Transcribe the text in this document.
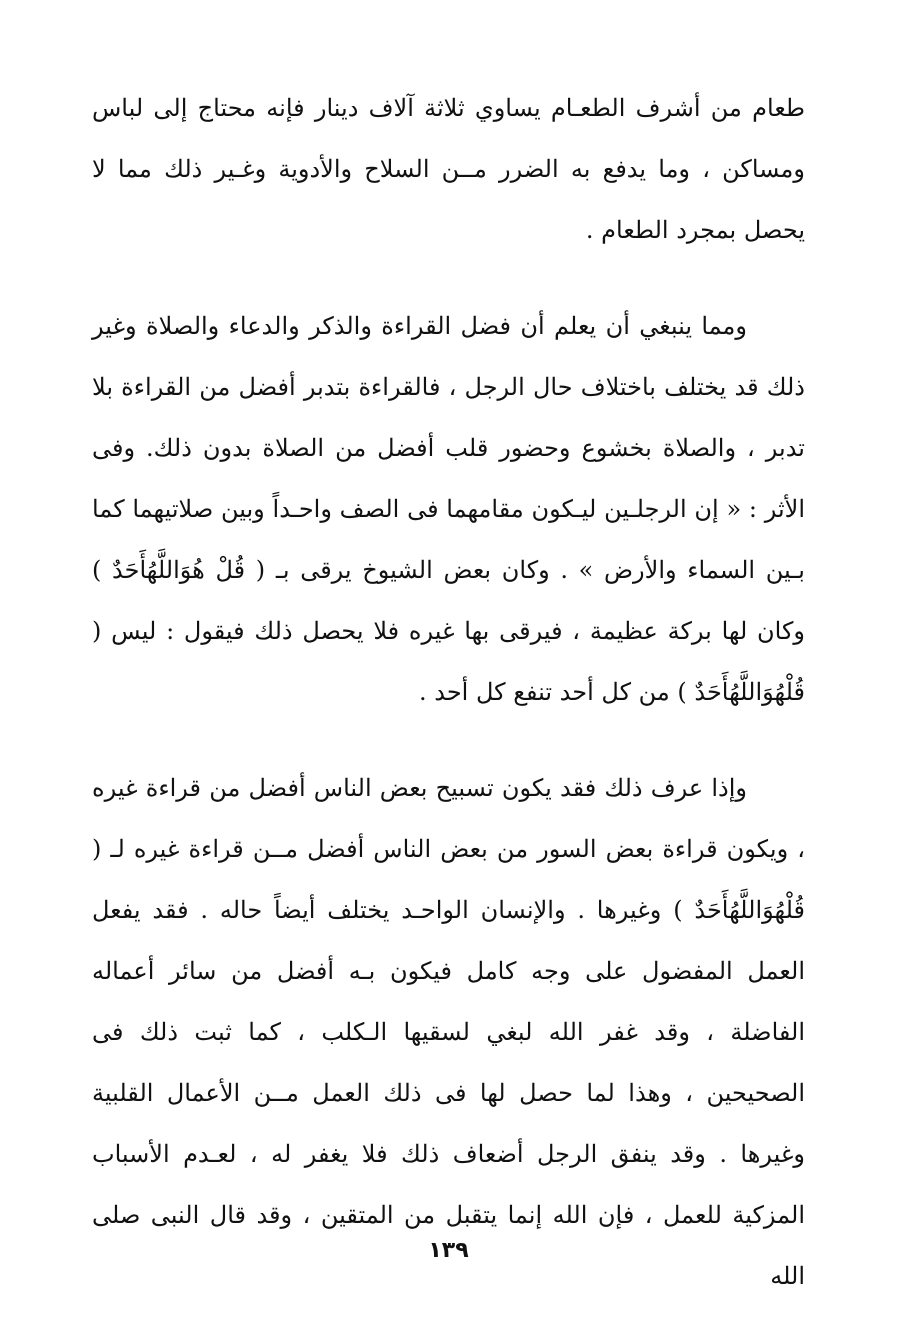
طعام من أشرف الطعـام يساوي ثلاثة آلاف دينار فإنه محتاج إلى لباس ومساكن ، وما يدفع به الضرر مــن السلاح والأدوية وغـير ذلك مما لا يحصل بمجرد الطعام .

ومما ينبغي أن يعلم أن فضل القراءة والذكر والدعاء والصلاة وغير ذلك قد يختلف باختلاف حال الرجل ، فالقراءة بتدبر أفضل من القراءة بلا تدبر ، والصلاة بخشوع وحضور قلب أفضل من الصلاة بدون ذلك. وفى الأثر : « إن الرجلـين ليـكون مقامهما فى الصف واحـداً وبين صلاتيهما كما بـين السماء والأرض » . وكان بعض الشيوخ يرقى بـ ( قُلْ هُوَاللَّهُأَحَدٌ ) وكان لها بركة عظيمة ، فيرقى بها غيره فلا يحصل ذلك فيقول : ليس ( قُلْهُوَاللَّهُأَحَدٌ ) من كل أحد تنفع كل أحد .

وإذا عرف ذلك فقد يكون تسبيح بعض الناس أفضل من قراءة غيره ، ويكون قراءة بعض السور من بعض الناس أفضل مــن قراءة غيره لـ ( قُلْهُوَاللَّهُأَحَدٌ ) وغيرها . والإنسان الواحـد يختلف أيضاً حاله . فقد يفعل العمل المفضول على وجه كامل فيكون بـه أفضل من سائر أعماله الفاضلة ، وقد غفر الله لبغي لسقيها الـكلب ، كما ثبت ذلك فى الصحيحين ، وهذا لما حصل لها فى ذلك العمل مــن الأعمال القلبية وغيرها . وقد ينفق الرجل أضعاف ذلك فلا يغفر له ، لعـدم الأسباب المزكية للعمل ، فإن الله إنما يتقبل من المتقين ، وقد قال النبى صلى الله

١٣٩
